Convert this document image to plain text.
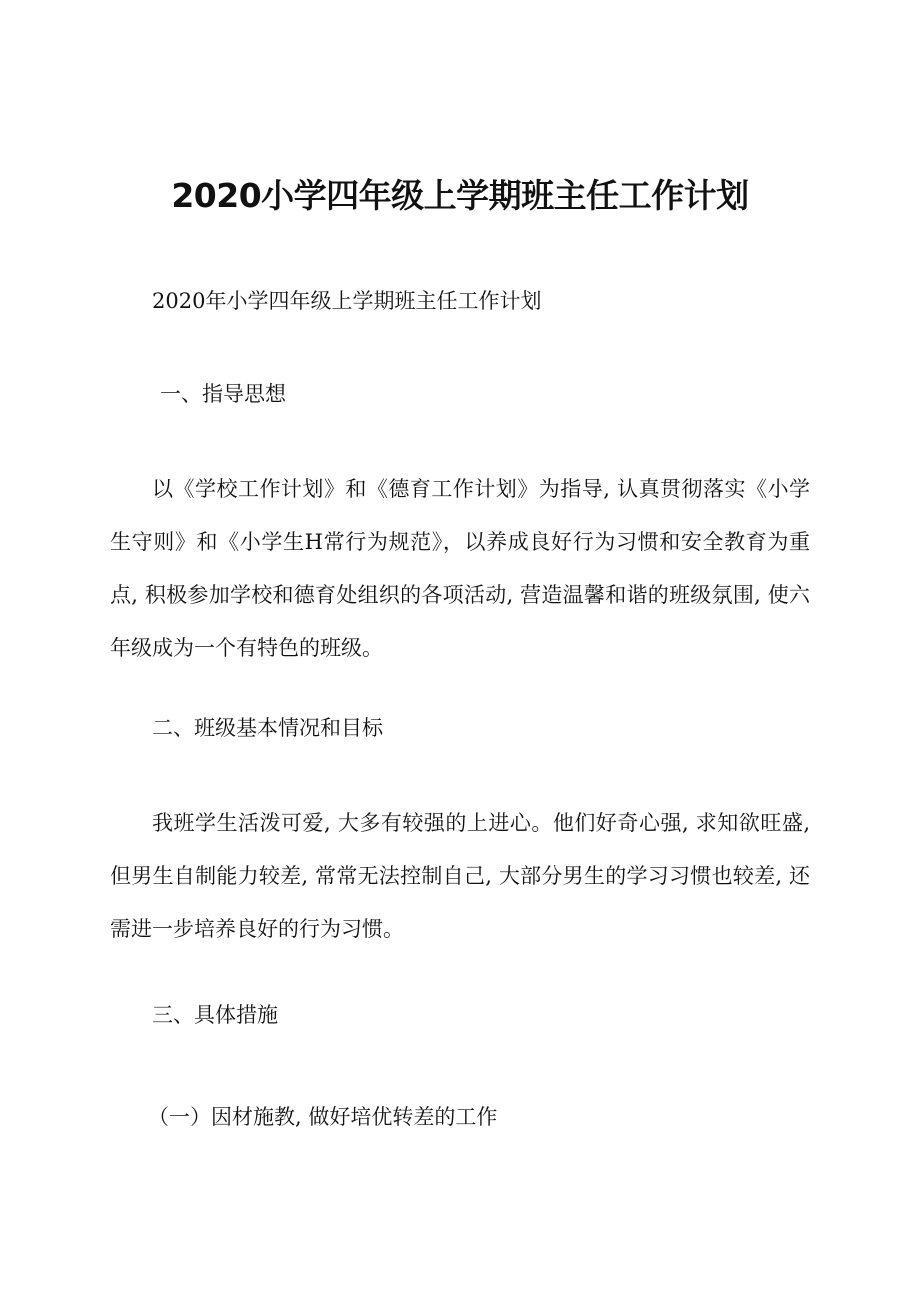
2020小学四年级上学期班主任工作计划
2020年小学四年级上学期班主任工作计划
一、指导思想
以《学校工作计划》和《德育工作计划》为指导, 认真贯彻落实《小学生守则》和《小学生H常行为规范》，以养成良好行为习惯和安全教育为重点, 积极参加学校和德育处组织的各项活动, 营造温馨和谐的班级氛围, 使六年级成为一个有特色的班级。
二、班级基本情况和目标
我班学生活泼可爱, 大多有较强的上进心。他们好奇心强, 求知欲旺盛, 但男生自制能力较差, 常常无法控制自己, 大部分男生的学习习惯也较差, 还需进一步培养良好的行为习惯。
三、具体措施
（一）因材施教, 做好培优转差的工作
